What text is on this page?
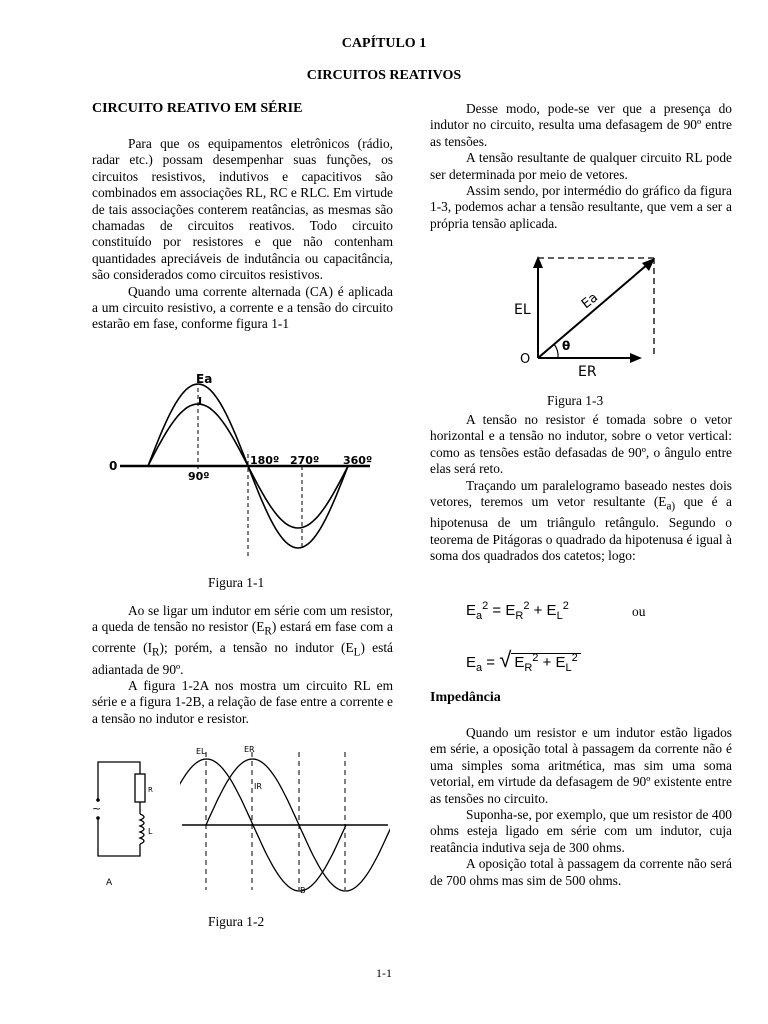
CAPÍTULO 1
CIRCUITOS REATIVOS
CIRCUITO REATIVO EM SÉRIE

Para que os equipamentos eletrônicos (rádio, radar etc.) possam desempenhar suas funções, os circuitos resistivos, indutivos e capacitivos são combinados em associações RL, RC e RLC. Em virtude de tais associações conterem reatâncias, as mesmas são chamadas de circuitos reativos. Todo circuito constituído por resistores e que não contenham quantidades apreciáveis de indutância ou capacitância, são considerados como circuitos resistivos.

Quando uma corrente alternada (CA) é aplicada a um circuito resistivo, a corrente e a tensão do circuito estarão em fase, conforme figura 1-1

Ea
I
0
90º
180º 270º 360º
Figura 1-1

Ao se ligar um indutor em série com um resistor, a queda de tensão no resistor $(E_R)$ estará em fase com a corrente $(I_R)$; porém, a tensão no indutor $(E_L)$ está adiantada de 90º.

A figura 1-2A nos mostra um circuito RL em série e a figura 1-2B, a relação de fase entre a corrente e a tensão no indutor e resistor.

~
R
L
A
EL	ER
IR
B
Figura 1-2

Desse modo, pode-se ver que a presença do indutor no circuito, resulta uma defasagem de 90º entre as tensões.

A tensão resultante de qualquer circuito RL pode ser determinada por meio de vetores.

Assim sendo, por intermédio do gráfico da figura 1-3, podemos achar a tensão resultante, que vem a ser a própria tensão aplicada.

EL	Ea
O
θ
ER
Figura 1-3

A tensão no resistor é tomada sobre o vetor horizontal e a tensão no indutor, sobre o vetor vertical: como as tensões estão defasadas de 90º, o ângulo entre elas será reto.

Traçando um paralelogramo baseado nestes dois vetores, teremos um vetor resultante ($E_{a)}$ que é a hipotenusa de um triângulo retângulo. Segundo o teorema de Pitágoras o quadrado da hipotenusa é igual à soma dos quadrados dos catetos; logo:

$E_a^2 = E_R^2 + E_L^2$	ou
$E_a$ = √ $E_R^2 + E_L^2$
Impedância

Quando um resistor e um indutor estão ligados em série, a oposição total à passagem da corrente não é uma simples soma aritmética, mas sim uma soma vetorial, em virtude da defasagem de 90º existente entre as tensões no circuito.

Suponha-se, por exemplo, que um resistor de 400 ohms esteja ligado em série com um indutor, cuja reatância indutiva seja de 300 ohms.

A oposição total à passagem da corrente não será de 700 ohms mas sim de 500 ohms.

1-1
